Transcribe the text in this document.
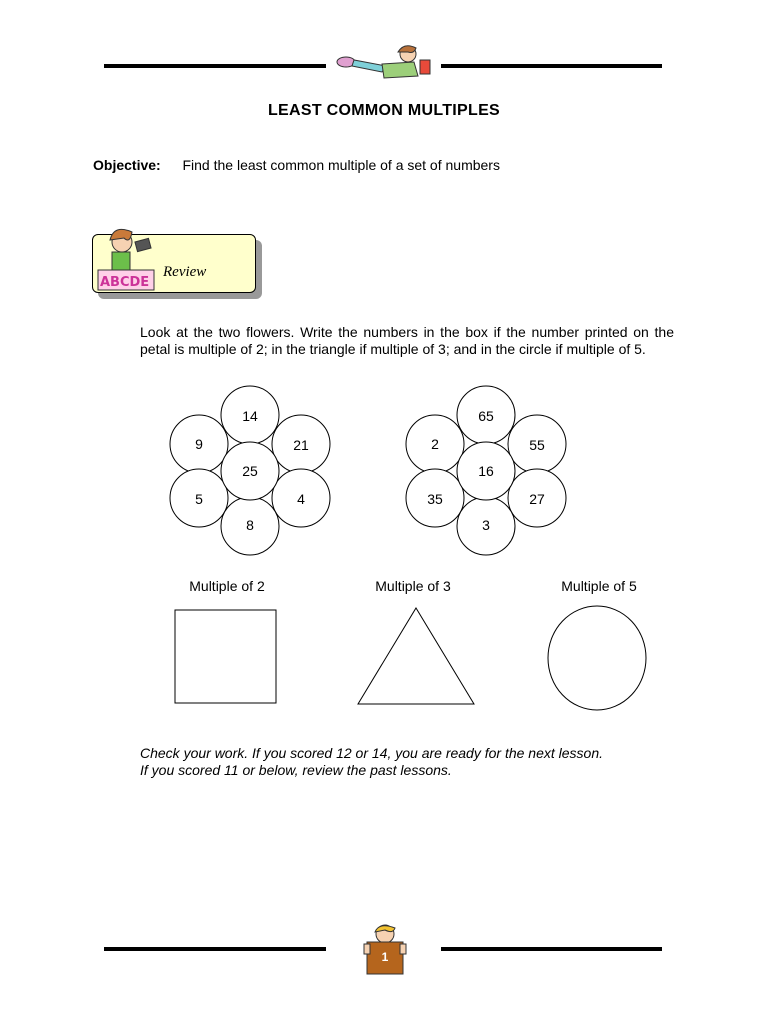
LEAST COMMON MULTIPLES
Objective: Find the least common multiple of a set of numbers
ABCDE
Review
Look at the two flowers. Write the numbers in the box if the number printed on the petal is multiple of 2; in the triangle if multiple of 3; and in the circle if multiple of 5.
14
9	21
25
5	4
8
65
2	55
16
35	27
3
Multiple of 2	Multiple of 3	Multiple of 5
Check your work. If you scored 12 or 14, you are ready for the next lesson.
If you scored 11 or below, review the past lessons.
1
